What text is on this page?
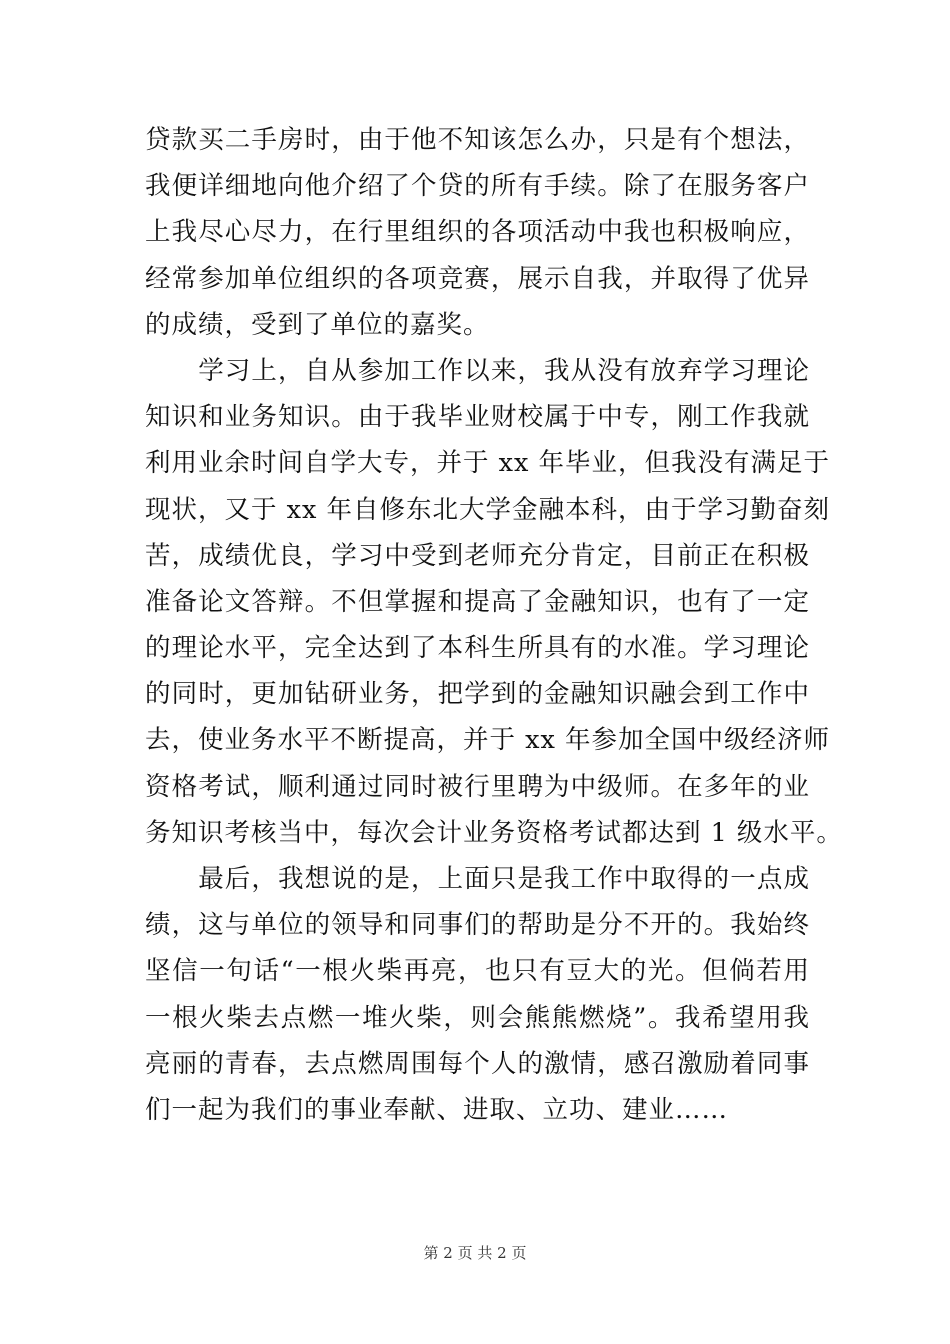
贷款买二手房时，由于他不知该怎么办，只是有个想法，
我便详细地向他介绍了个贷的所有手续。除了在服务客户
上我尽心尽力，在行里组织的各项活动中我也积极响应，
经常参加单位组织的各项竞赛，展示自我，并取得了优异
的成绩，受到了单位的嘉奖。
　　学习上，自从参加工作以来，我从没有放弃学习理论
知识和业务知识。由于我毕业财校属于中专，刚工作我就
利用业余时间自学大专，并于 xx 年毕业，但我没有满足于
现状，又于 xx 年自修东北大学金融本科，由于学习勤奋刻
苦，成绩优良，学习中受到老师充分肯定，目前正在积极
准备论文答辩。不但掌握和提高了金融知识，也有了一定
的理论水平，完全达到了本科生所具有的水准。学习理论
的同时，更加钻研业务，把学到的金融知识融会到工作中
去，使业务水平不断提高，并于 xx 年参加全国中级经济师
资格考试，顺利通过同时被行里聘为中级师。在多年的业
务知识考核当中，每次会计业务资格考试都达到 1 级水平。
　　最后，我想说的是，上面只是我工作中取得的一点成
绩，这与单位的领导和同事们的帮助是分不开的。我始终
坚信一句话“一根火柴再亮，也只有豆大的光。但倘若用
一根火柴去点燃一堆火柴，则会熊熊燃烧”。我希望用我
亮丽的青春，去点燃周围每个人的激情，感召激励着同事
们一起为我们的事业奉献、进取、立功、建业……
第 2 页 共 2 页
